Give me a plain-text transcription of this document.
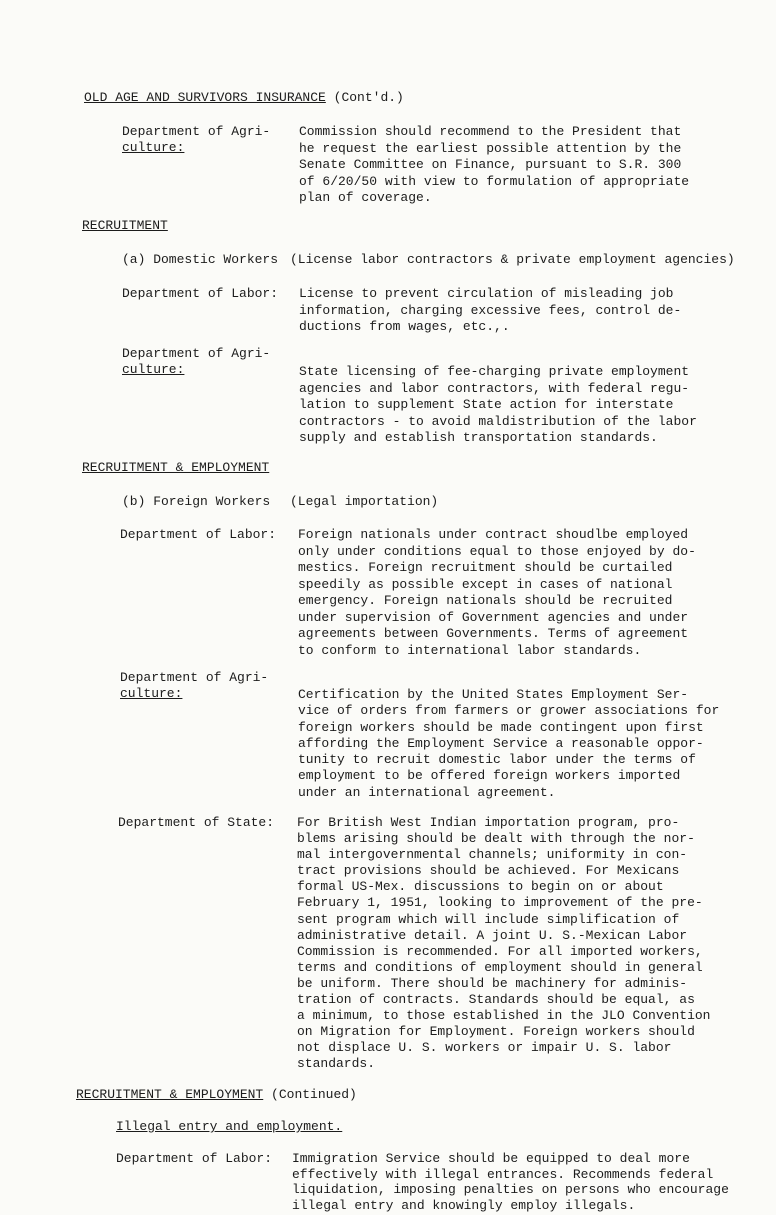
OLD AGE AND SURVIVORS INSURANCE (Cont'd.)
Department of Agri-
culture:
Commission should recommend to the President that
he request the earliest possible attention by the
Senate Committee on Finance, pursuant to S.R. 300
of 6/20/50 with view to formulation of appropriate
plan of coverage.
RECRUITMENT
(a) Domestic Workers (License labor contractors & private employment agencies)
Department of Labor: License to prevent circulation of misleading job
information, charging excessive fees, control de-
ductions from wages, etc.,.
Department of Agri-
culture:	State licensing of fee-charging private employment
agencies and labor contractors, with federal regu-
lation to supplement State action for interstate
contractors - to avoid maldistribution of the labor
supply and establish transportation standards.
RECRUITMENT & EMPLOYMENT
(b) Foreign Workers (Legal importation)
Department of Labor: Foreign nationals under contract shoudlbe employed
only under conditions equal to those enjoyed by do-
mestics. Foreign recruitment should be curtailed
speedily as possible except in cases of national
emergency. Foreign nationals should be recruited
under supervision of Government agencies and under
agreements between Governments. Terms of agreement
to conform to international labor standards.
Department of Agri-
culture:	Certification by the United States Employment Ser-
vice of orders from farmers or grower associations for
foreign workers should be made contingent upon first
affording the Employment Service a reasonable oppor-
tunity to recruit domestic labor under the terms of
employment to be offered foreign workers imported
under an international agreement.
Department of State: For British West Indian importation program, pro-
blems arising should be dealt with through the nor-
mal intergovernmental channels; uniformity in con-
tract provisions should be achieved. For Mexicans
formal US-Mex. discussions to begin on or about
February 1, 1951, looking to improvement of the pre-
sent program which will include simplification of
administrative detail. A joint U. S.-Mexican Labor
Commission is recommended. For all imported workers,
terms and conditions of employment should in general
be uniform. There should be machinery for adminis-
tration of contracts. Standards should be equal, as
a minimum, to those established in the JLO Convention
on Migration for Employment. Foreign workers should
not displace U. S. workers or impair U. S. labor
standards.
RECRUITMENT & EMPLOYMENT (Continued)
Illegal entry and employment.
Department of Labor: Immigration Service should be equipped to deal more
effectively with illegal entrances. Recommends federal
liquidation, imposing penalties on persons who encourage
illegal entry and knowingly employ illegals.
